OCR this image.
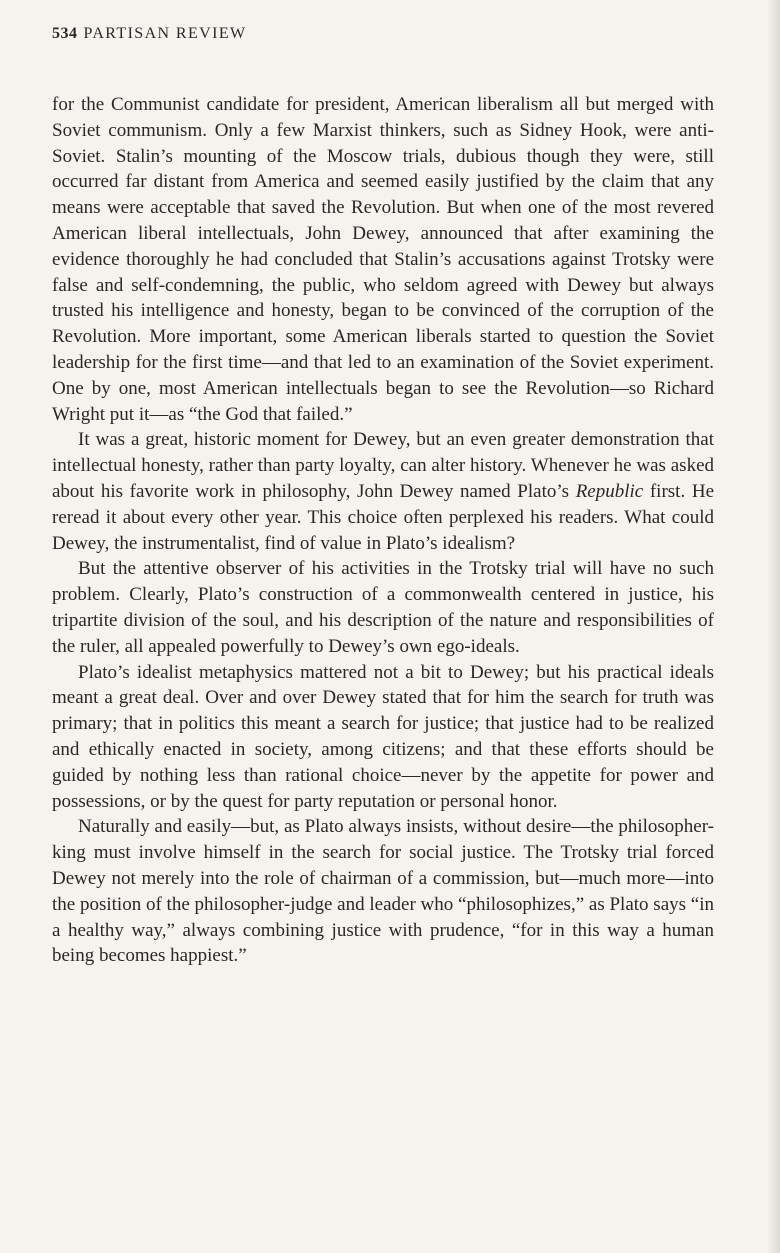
534 PARTISAN REVIEW

for the Communist candidate for president, American liberalism all but merged with Soviet communism. Only a few Marxist thinkers, such as Sidney Hook, were anti-Soviet. Stalin’s mounting of the Moscow trials, dubious though they were, still occurred far distant from America and seemed easily justified by the claim that any means were acceptable that saved the Revolution. But when one of the most revered American liberal intellectuals, John Dewey, announced that after examining the evidence thoroughly he had concluded that Stalin’s accusations against Trotsky were false and self-condemning, the public, who seldom agreed with Dewey but always trusted his intelligence and honesty, began to be convinced of the corruption of the Revolution. More important, some American liberals started to question the Soviet leadership for the first time—and that led to an examination of the Soviet experiment. One by one, most American intellectuals began to see the Revolution—so Richard Wright put it—as “the God that failed.”

It was a great, historic moment for Dewey, but an even greater demonstration that intellectual honesty, rather than party loyalty, can alter history. Whenever he was asked about his favorite work in philosophy, John Dewey named Plato’s Republic first. He reread it about every other year. This choice often perplexed his readers. What could Dewey, the instrumentalist, find of value in Plato’s idealism?

But the attentive observer of his activities in the Trotsky trial will have no such problem. Clearly, Plato’s construction of a commonwealth centered in justice, his tripartite division of the soul, and his description of the nature and responsibilities of the ruler, all appealed powerfully to Dewey’s own ego-ideals.

Plato’s idealist metaphysics mattered not a bit to Dewey; but his practical ideals meant a great deal. Over and over Dewey stated that for him the search for truth was primary; that in politics this meant a search for justice; that justice had to be realized and ethically enacted in society, among citizens; and that these efforts should be guided by nothing less than rational choice—never by the appetite for power and possessions, or by the quest for party reputation or personal honor.

Naturally and easily—but, as Plato always insists, without desire—the philosopher-king must involve himself in the search for social justice. The Trotsky trial forced Dewey not merely into the role of chairman of a commission, but—much more—into the position of the philosopher-judge and leader who “philosophizes,” as Plato says “in a healthy way,” always combining justice with prudence, “for in this way a human being becomes happiest.”
